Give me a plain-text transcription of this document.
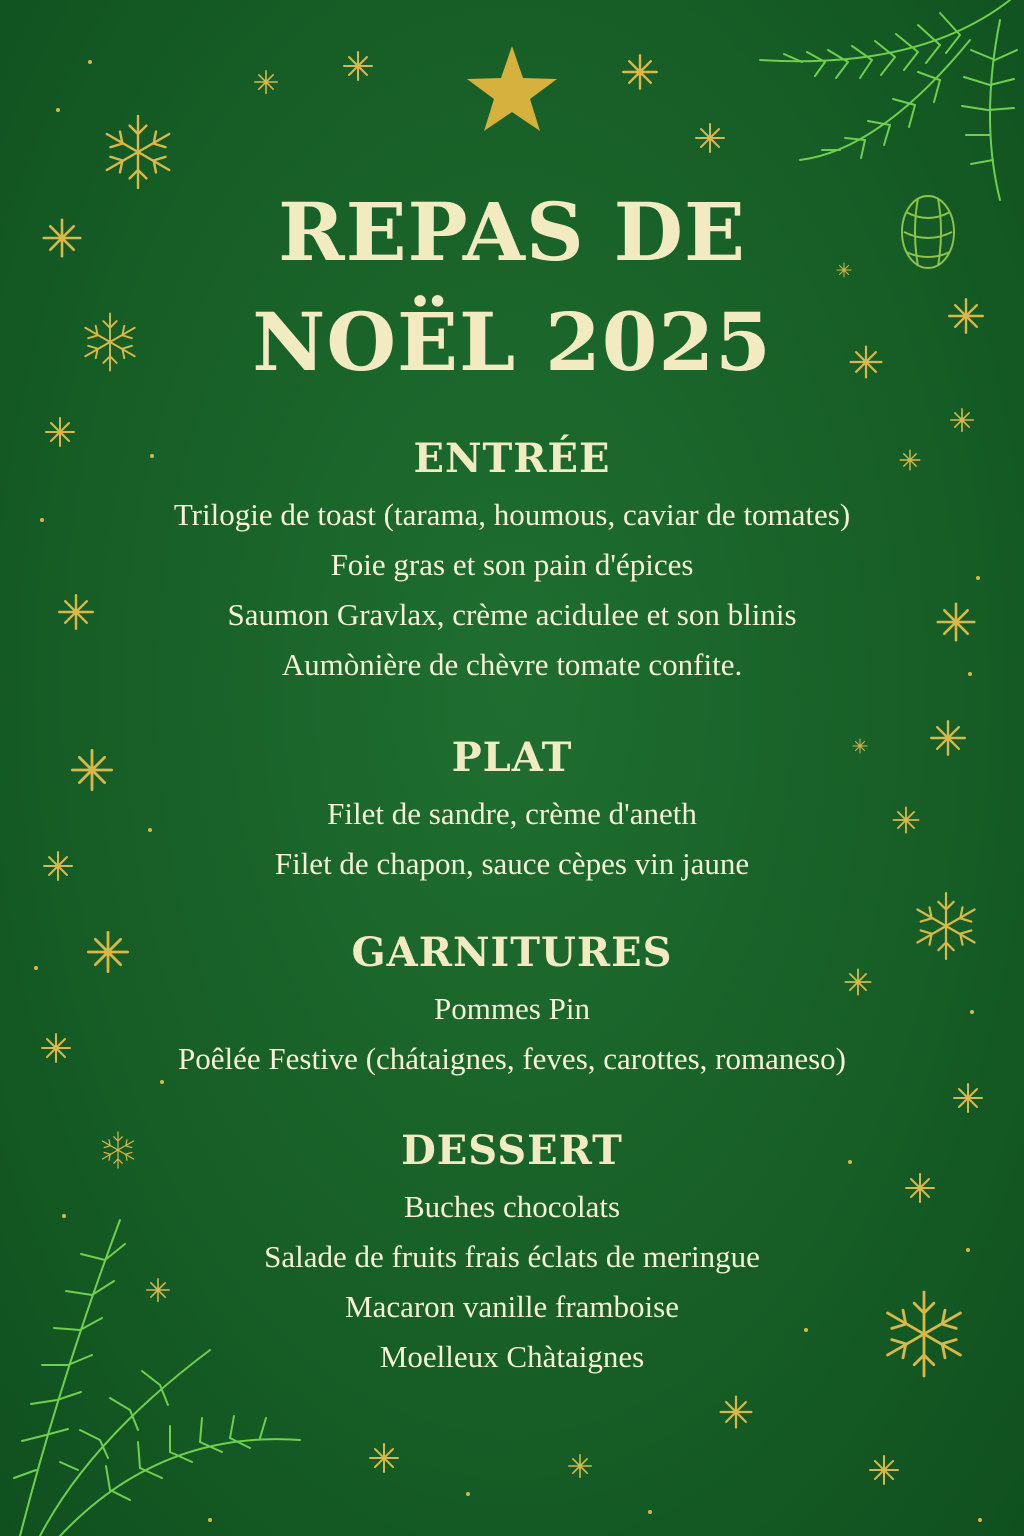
REPAS DE
NOËL 2025
ENTRÉE
Trilogie de toast (tarama, houmous, caviar de tomates)
Foie gras et son pain d'épices
Saumon Gravlax, crème acidulee et son blinis
Aumònière de chèvre tomate confite.
PLAT
Filet de sandre, crème d'aneth
Filet de chapon, sauce cèpes vin jaune
GARNITURES
Pommes Pin
Poêlée Festive (chátaignes, feves, carottes, romaneso)
DESSERT
Buches chocolats
Salade de fruits frais éclats de meringue
Macaron vanille framboise
Moelleux Chàtaignes
